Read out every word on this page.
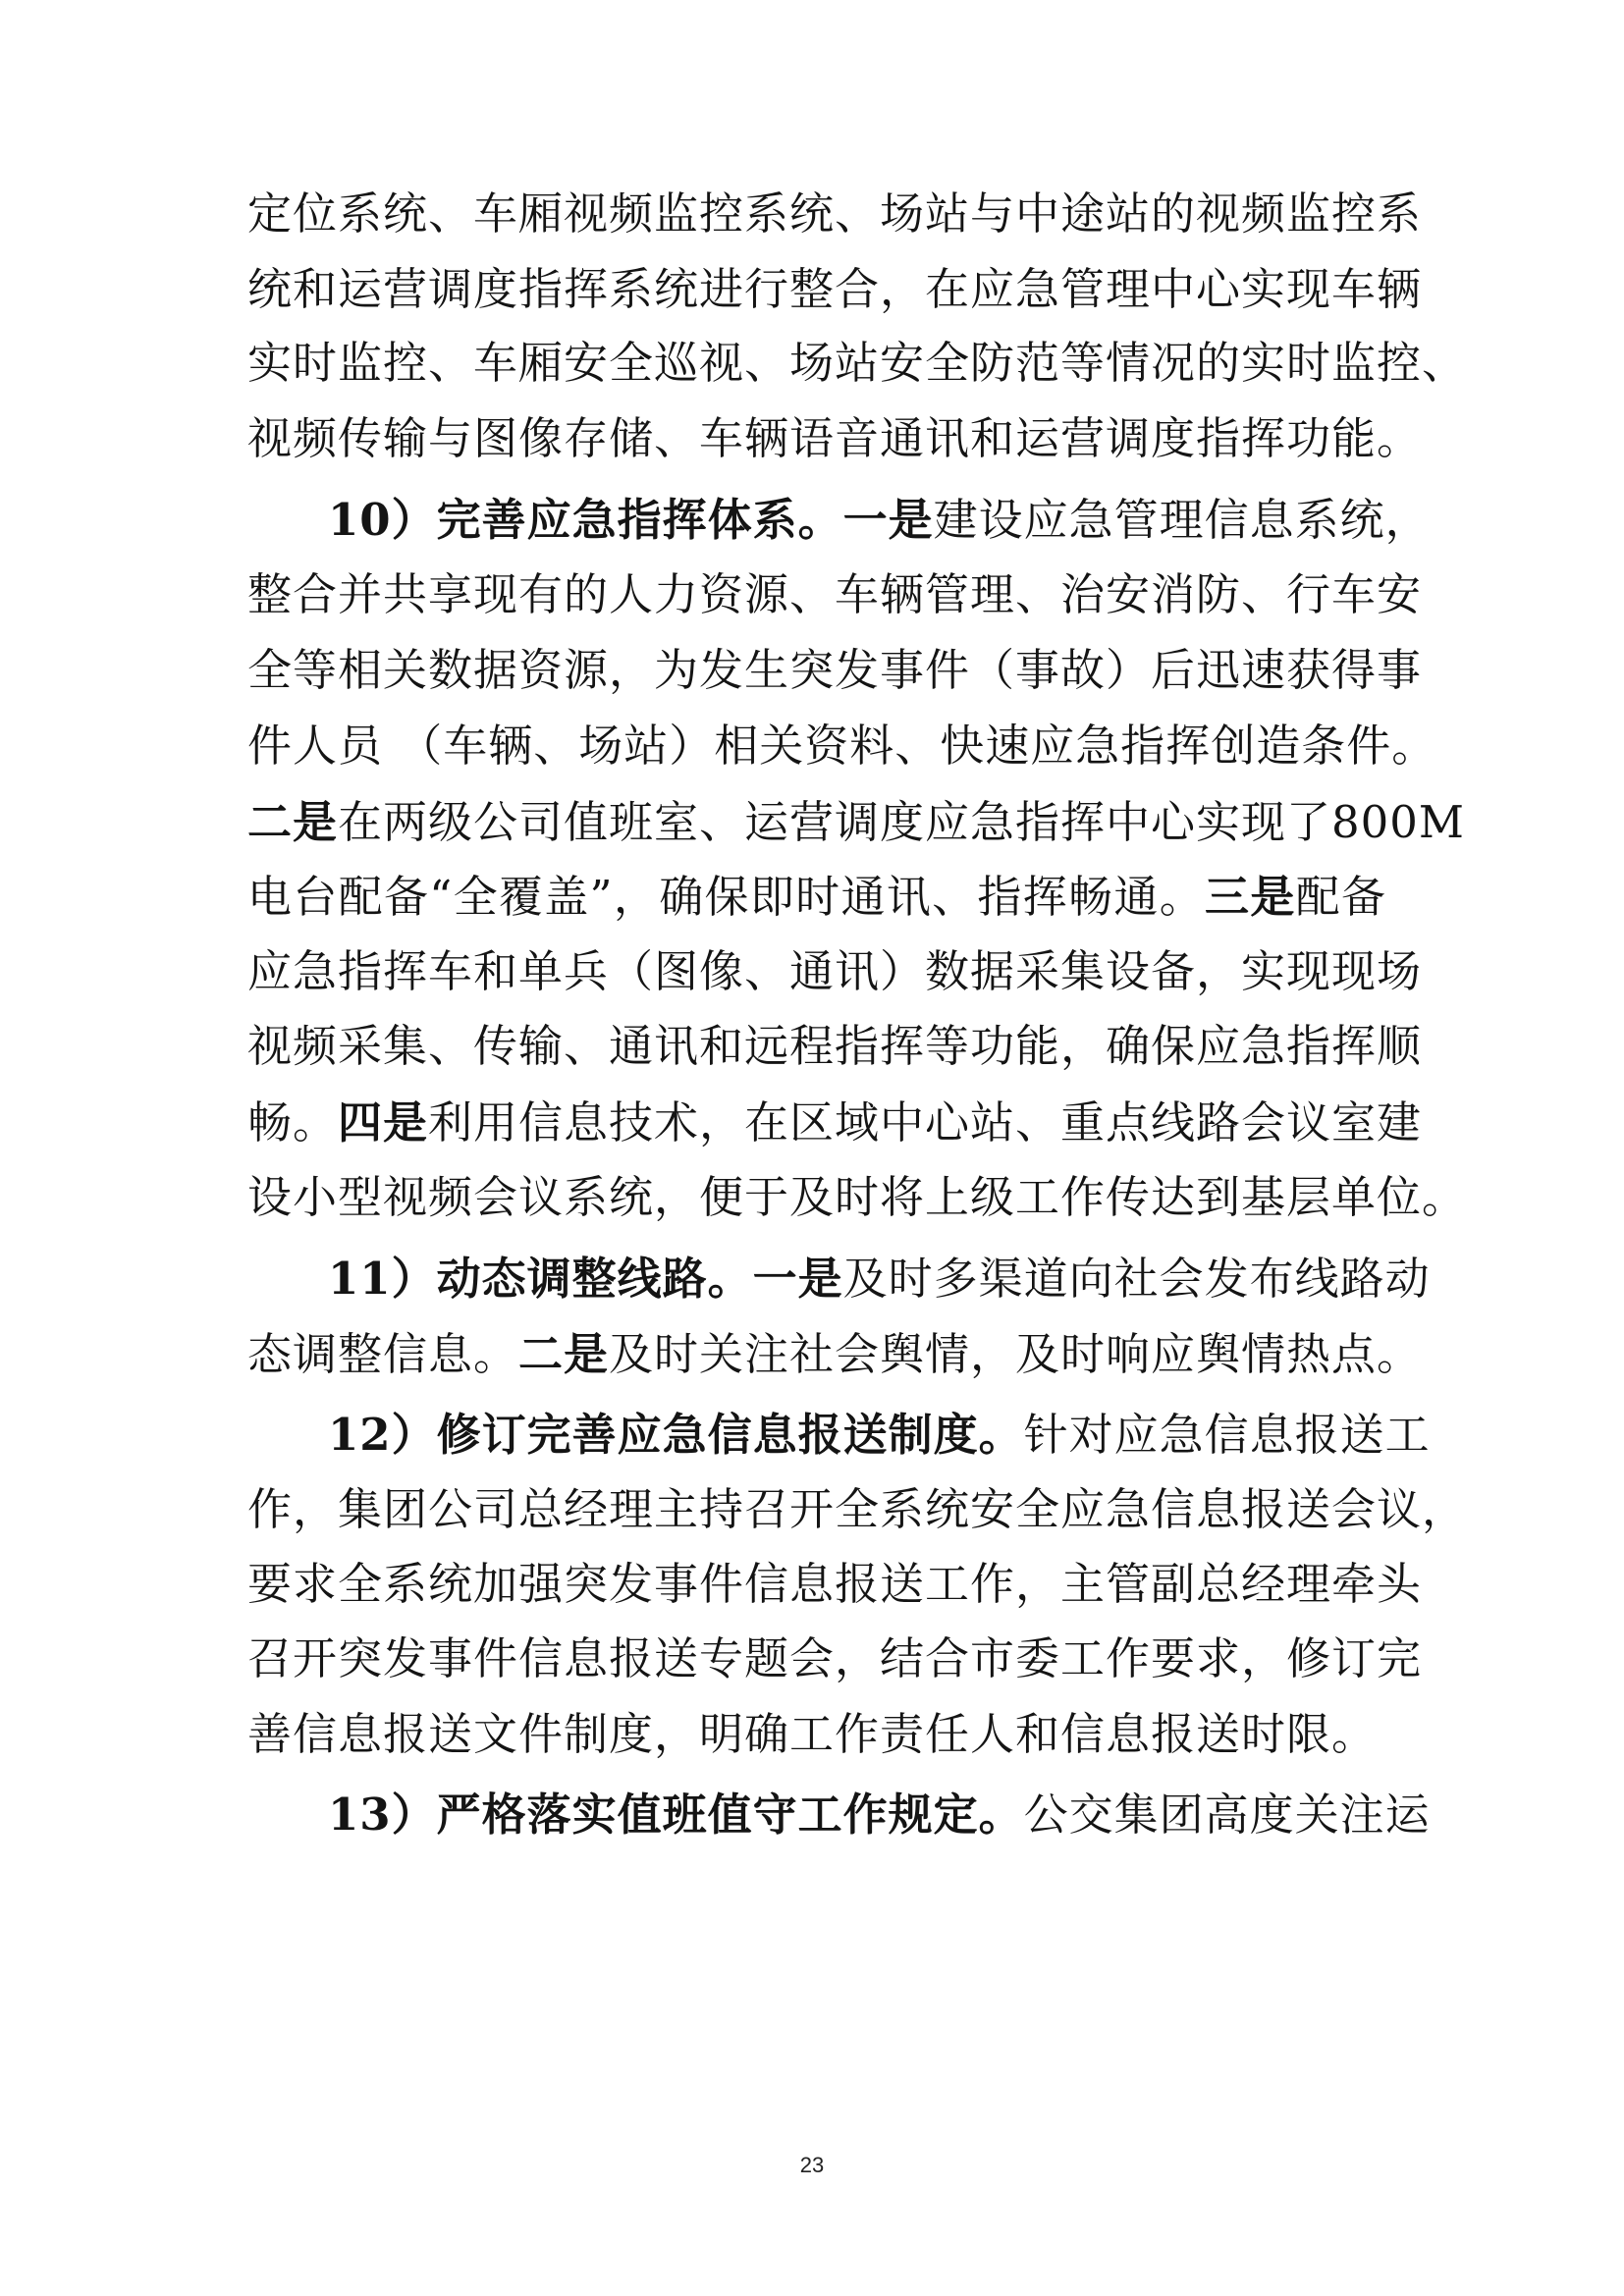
定位系统、车厢视频监控系统、场站与中途站的视频监控系
统和运营调度指挥系统进行整合，在应急管理中心实现车辆
实时监控、车厢安全巡视、场站安全防范等情况的实时监控、
视频传输与图像存储、车辆语音通讯和运营调度指挥功能。
10）完善应急指挥体系。一是建设应急管理信息系统，
整合并共享现有的人力资源、车辆管理、治安消防、行车安
全等相关数据资源，为发生突发事件（事故）后迅速获得事
件人员 （车辆、场站）相关资料、快速应急指挥创造条件。
二是在两级公司值班室、运营调度应急指挥中心实现了800M
电台配备“全覆盖”，确保即时通讯、指挥畅通。三是配备
应急指挥车和单兵（图像、通讯）数据采集设备，实现现场
视频采集、传输、通讯和远程指挥等功能，确保应急指挥顺
畅。四是利用信息技术，在区域中心站、重点线路会议室建
设小型视频会议系统，便于及时将上级工作传达到基层单位。
11）动态调整线路。一是及时多渠道向社会发布线路动
态调整信息。二是及时关注社会舆情，及时响应舆情热点。
12）修订完善应急信息报送制度。针对应急信息报送工
作，集团公司总经理主持召开全系统安全应急信息报送会议，
要求全系统加强突发事件信息报送工作，主管副总经理牵头
召开突发事件信息报送专题会，结合市委工作要求，修订完
善信息报送文件制度，明确工作责任人和信息报送时限。
13）严格落实值班值守工作规定。公交集团高度关注运
23
